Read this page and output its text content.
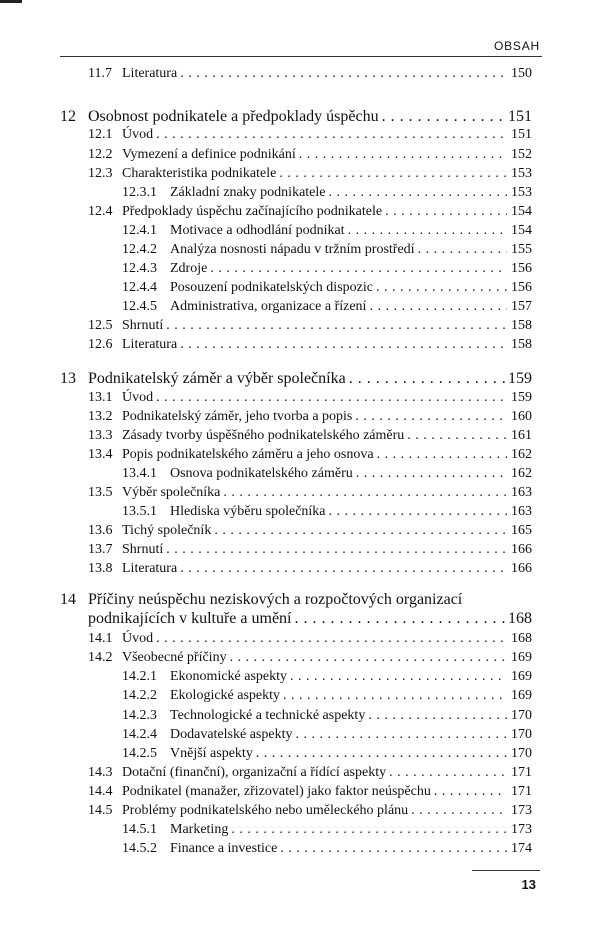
OBSAH
11.7 Literatura . . .	150
12 Osobnost podnikatele a předpoklady úspěchu . . .	151
12.1 Úvod . . .	151
12.2 Vymezení a definice podnikání . . .	152
12.3 Charakteristika podnikatele . . .	153
12.3.1 Základní znaky podnikatele . . .	153
12.4 Předpoklady úspěchu začínajícího podnikatele . . .	154
12.4.1 Motivace a odhodlání podnikat . . .	154
12.4.2 Analýza nosnosti nápadu v tržním prostředí . . .	155
12.4.3 Zdroje . . .	156
12.4.4 Posouzení podnikatelských dispozic . . .	156
12.4.5 Administrativa, organizace a řízení . . .	157
12.5 Shrnutí . . .	158
12.6 Literatura . . .	158
13 Podnikatelský záměr a výběr společníka . . .	159
13.1 Úvod . . .	159
13.2 Podnikatelský záměr, jeho tvorba a popis . . .	160
13.3 Zásady tvorby úspěšného podnikatelského záměru . . .	161
13.4 Popis podnikatelského záměru a jeho osnova . . .	162
13.4.1 Osnova podnikatelského záměru . . .	162
13.5 Výběr společníka . . .	163
13.5.1 Hlediska výběru společníka . . .	163
13.6 Tichý společník . . .	165
13.7 Shrnutí . . .	166
13.8 Literatura . . .	166
14 Příčiny neúspěchu neziskových a rozpočtových organizací
podnikajících v kultuře a umění . . .	168
14.1 Úvod . . .	168
14.2 Všeobecné příčiny . . .	169
14.2.1 Ekonomické aspekty . . .	169
14.2.2 Ekologické aspekty . . .	169
14.2.3 Technologické a technické aspekty . . .	170
14.2.4 Dodavatelské aspekty . . .	170
14.2.5 Vnější aspekty . . .	170
14.3 Dotační (finanční), organizační a řídící aspekty . . .	171
14.4 Podnikatel (manažer, zřizovatel) jako faktor neúspěchu . . .	171
14.5 Problémy podnikatelského nebo uměleckého plánu . . .	173
14.5.1 Marketing . . .	173
14.5.2 Finance a investice . . .	174
13
